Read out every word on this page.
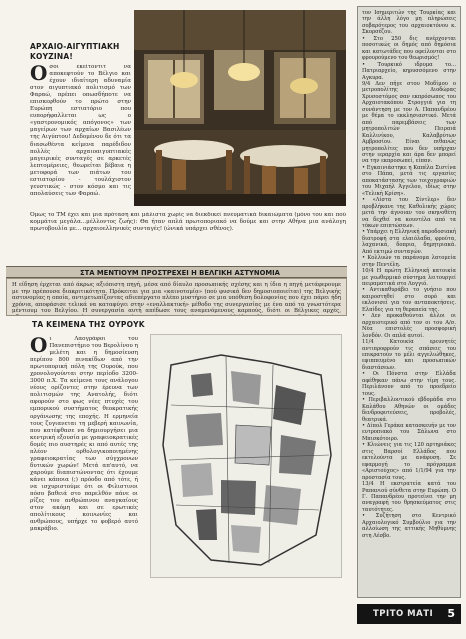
ΑΡΧΑΙΟ-ΑΙΓΥΠΤΙΑΚΗ ΚΟΥΖΙΝΑ!
Οσοι εκείτοντιτ να αποκεφτούν το Βέλγιο και έχουν ιδιαίτερη αδυναμία στον αιγυπτιακό πολιτισμό των Φαραώ, πρέπει οπωσδήποτε να επισκεφθούν το πρώτο στην Ευρώπη εστιατόριο που ευπορήφαλλεται ως ο «γαστρονομικός απόγονος» των μαγείρων των αρχαίων Βασιλέων της Αιγύπτου! Δεδομένου δε ότι τα διασωθέντα κείμενα παρέδιδον πολλές αρχαιοαιγυπτιακές μαγειρικές συνταγές σε αρκετές λεπτομέρειες, θεωρείται βέβαια η μετοφορά των πιάτων του εστιατορίου - τουλάχιστον γευστικώς - στον κόσμο και τις απολαύσεις των Φαραώ.
Όμως το ΤΜ έχει και μια πρόταση και μάλιστα χωρίς να διεκδικεί πνευματικά δικαιώματα (μόνο του και πού κομμάτια μεγάλα...μέλλοντος ζωής): Θα ήταν απλά πρωτοποριακό να δούμε και στην Αθήνα μια ανάλογη πρωτοβουλία με... αρχαιοελληνικές συνταγές! (ώνικά υπάρχει σθένος).
ΣΤΑ ΜΕΝΤΙΟΥΜ ΠΡΟΣΤΡΕΧΕΙ Η ΒΕΛΓΙΚΗ ΑΣΤΥΝΟΜΙΑ
Η είδηση έρχεται από άκρως αξιόπιστη πηγή, μέσα από δίαυλο προσωπικής σχέσης και η ίδια η πηγή μετάφερουμε με την πρέπουσα διακριτικότητα. Πρόκειται για μια «καινοτομία» (πού φυσικά δεν δημοσιοποιείται) της Βελγικής αστυνομίας η οποία, αντιμετωπίζοντας αδιεπέργατο πλέπο μυστήριο σε μια υπόθεση δολοφονίας που έχει πάρει ήδη χρόνια, αποφάσισε τελικά να καταφύγει στην «εναλλακτική» μέθοδο της συνεργασίας με ένα από τα γνωστότερα μέντιουμ του Βελγίου. Η συνεργασία αυτή απέδωσε τους αναμενόμενους καρπούς, διότι οι Βέλγικες αρχές,
ΤΑ ΚΕΙΜΕΝΑ ΤΗΣ ΟΥΡΟΥΚ
Οι Λαογράφοι του Πανεπιστήμιο του Βερολίνου η μελέτη και η δημοσίευση περίπου 800 πινακίδων από την πρωτοπορική πόλη της Ουρούκ, που χρονολογούνται στην περίοδο 3200-3000 π.Χ. Τα κείμενα τους ανάλογου νέους ορίζοντες στην έρευνα των πολιτισμών της Ανατολής, διότι αφορούν στο φως νέες πτυχές του εμπορικού συστήματος θεοκρατικής οργάνωσης της εποχής. Η ερμηνεία τους ζυγιανεται τη μεβερή καινωνία, που κατέφθασε να δημιουργήσει μια κεντρική εξουσία με γραφειοκρατικές δομές πιο αυστηρές κι από αυτές της πλέον ορθολογικοποιημένης γραφειοκρατίας των σύγχρονων δυτικών χωρών! Μετά απ'αυτό, να χαρούμε διαπιστώνοντας ότι έχουμε κάνει κάποια (;) πρόοδο από τότε, ή να ισχυριστούμε ότι οι Φιλιστινοι πόσο βαθειά στο παρελθόν πάνε οι ρίζες του ανθρώπινου αναγκαίους στον ακόμη και σε ερωτικές απολίτικους κοινωνίες και ανθρώπους, υπήρχε το φοβερό αυτό μακράβιο.

τον Ισημεριτών της Τουρκίας και την άλλη λόγο μη πληρώσεις σοβαρότερος του αρχαιοκτόνου κ. Σκορσέζου.

• Στο 250 δις ανέρχονται ποσοτικώς οι δημός από δημόσια και κατωτάδες που οφείλονται στο φρουρούμενο του θεωρισμός!

• Τουρκικό ιδρυμα το... Πατριαρχείο, κηρυσσόμενο στην Αγκυρα.

9/4 Δεν πήγε στου Μοδίμου ο μετροπολίτης Διοδώρας Χρυσοστόμος σαν εκπρόσωπος του Αρχαιοτακόπου Στρογγιά για τη συνάντηση με τον Α. Παπανδρέου με θέμα το εκκλησιαστικό. Μετά από παρεμβάσεις των μητροπολιτών Πειραιά Καλλινίκου, Καλαβρύτων Αμβροσίου. Είναι πιθανώς μητροπολίτες που δεν υπήρχαν στην ιεραρχία και άρα δεν μπορεί να την εκπροσωπεί, είπαν.

• Εγκαινιάστηκε η Καπέλα Σιστίνα στο Πάπα, μετά τις εργασίες αποκατάστασης των τοιχογραφιών του Μιχαήλ Άγγελου, ιδίως στην «Τελική Κρίση».

• «Λίστα του Σίντλερ» δεν προβλήκανε της Καθολικής χώρες μετά την άγνοιαν του σκηνοθέτη να δεχθεί να κουντέλα από τα τόκων επιπτώσεων.

• Υπάρχει η Ελληνική παροδοσιακή διατροφή στα ελαιόλαδα, φρούτα, λαχανικά, δοπρια, δημητριακά. Από εκτιμώ συνταγών.

• Κολλυών τα παράνομα λατομεία στην Πεντέλη.

10/4 Η πρώτη Ελληνική κατοικία με γεωθερμικό σύστημα λειτουργεί πειραματικά στο Λογγιό.

• Αντικαθυράβει το γνήσιο που καιροστηθεί στο σορό και εκλονισεί για τον ανταποκτήσεις. Ελπίδες για τη θεραπεία της.

• Δεν προκαθούνται άλλοι οι αρχαιοτερικό από τον οι του Α/σ. Νέα επιστολές προσφορική λονδόν. Οι απλά αυτοί.

11/4 Κατοικία ερευνητές αντιπροφρούν τις σπάσεις του επικρατούν το μέλι αγγελιώθηκες, εφιππευμένο και προσωπικών διαστάσεων.

• Οι Πόνστα στην Ελλάδα αφέθηκαν πάνω στην τίμη τους. Περιλάνουν από το προεδρείο τους.

• Περιβαλλοντικού εβδομάδα στο Καλάθου Αθηνών οι ομάδες δενδροφυτεύσεις, προβολές, θεατρικά.

• Δίπολ Γεράκα κατασκευήν με τον ευτροπιακό του Σάλωνα στο Μπισκότοιρο.

• Κλιώνεις για τις 120 αρτηριάκες στις Βαρσοί Ελλάδος που εκτελούντα με ανάφυση. Σε εφαρμογή το πρόγραμμα «Αριστούχος» από 1/1/94 για την προστασία τους.

13/4 Η εκστρατεία κατά του Ραπανιού σύνθετα στην Ευρώπη. Ο Γ. Παπανδρέου προτείνει την μη αναγραφή του θρησκεύματος στις ταυτότητες.

• Συζήτηση στο Κεντρικό Αρχαιολογικό Συμβούλιο για την αλλοίωση της αττικής Μηθύμνης στη Λέσβο.

ΤΡΙΤΟ ΜΑΤΙ 5
